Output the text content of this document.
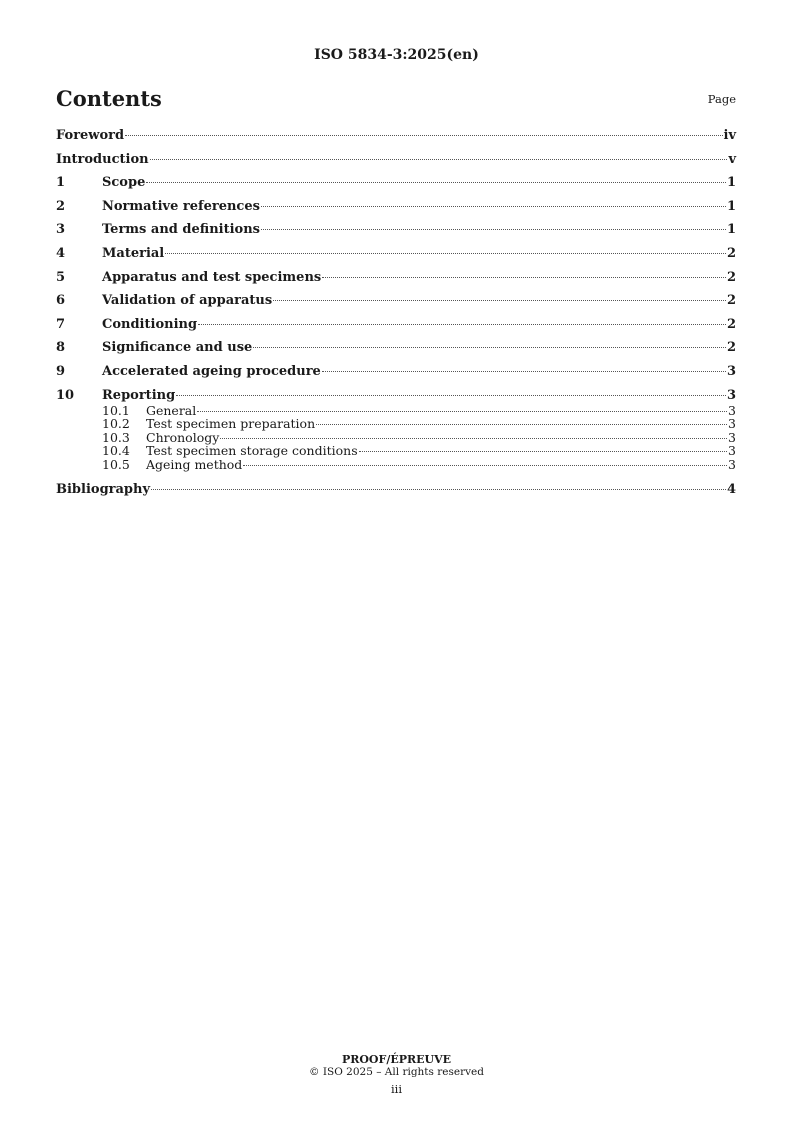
ISO 5834-3:2025(en)
Contents	Page
Foreword	iv
Introduction	v
1	Scope	1
2	Normative references	1
3	Terms and definitions	1
4	Material	2
5	Apparatus and test specimens	2
6	Validation of apparatus	2
7	Conditioning	2
8	Significance and use	2
9	Accelerated ageing procedure	3
10	Reporting	3
10.1	General	3
10.2	Test specimen preparation	3
10.3	Chronology	3
10.4	Test specimen storage conditions	3
10.5	Ageing method	3
Bibliography	4
PROOF/ÉPREUVE
© ISO 2025 – All rights reserved
iii
